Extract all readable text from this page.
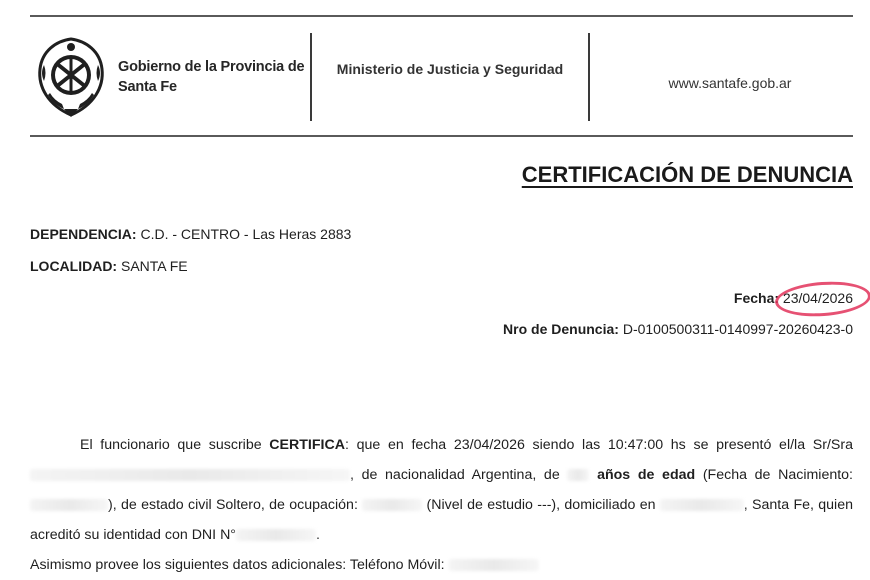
Gobierno de la Provincia de Santa Fe
Ministerio de Justicia y Seguridad
www.santafe.gob.ar
CERTIFICACIÓN DE DENUNCIA
DEPENDENCIA: C.D. - CENTRO - Las Heras 2883
LOCALIDAD: SANTA FE
Fecha: 23/04/2026
Nro de Denuncia: D-0100500311-0140997-20260423-0

El funcionario que suscribe CERTIFICA: que en fecha 23/04/2026 siendo las 10:47:00 hs se presentó el/la Sr/Sra , de nacionalidad Argentina, de  años de edad (Fecha de Nacimiento: ), de estado civil Soltero, de ocupación:	(Nivel de estudio ---), domiciliado en	, Santa Fe, quien acreditó su identidad con DNI N°	.

Asimismo provee los siguientes datos adicionales: Teléfono Móvil:
